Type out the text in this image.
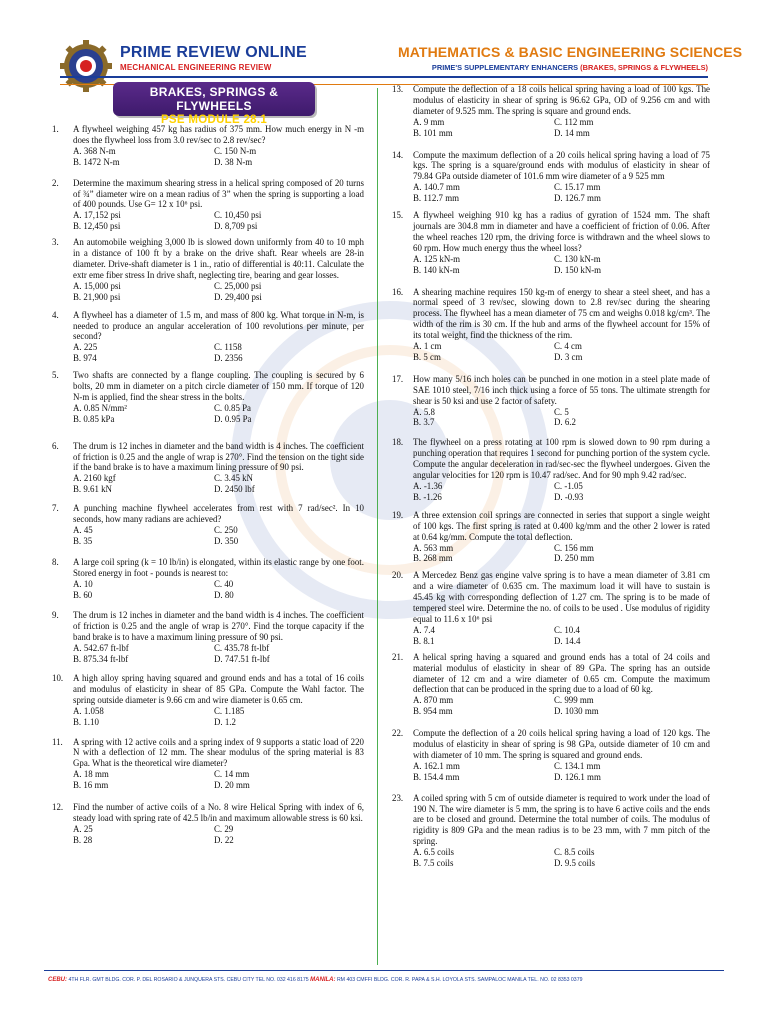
PRIME REVIEW ONLINE
MECHANICAL ENGINEERING REVIEW
MATHEMATICS & BASIC ENGINEERING SCIENCES
PRIME'S SUPPLEMENTARY ENHANCERS (BRAKES, SPRINGS & FLYWHEELS)
BRAKES, SPRINGS & FLYWHEELS
PSE MODULE 28.1
1.	A flywheel weighing 457 kg has radius of 375 mm. How much energy in N -m does the flywheel loss from 3.0 rev/sec to 2.8 rev/sec?
A. 368 N-m	C. 150 N-m
B. 1472 N-m	D. 38 N-m
2.	Determine the maximum shearing stress in a helical spring composed of 20 turns of ¾” diameter wire on a mean radius of 3” when the spring is supporting a load of 400 pounds. Use G= 12 x 10⁶ psi.
A. 17,152 psi	C. 10,450 psi
B. 12,450 psi	D. 8,709 psi
3.	An automobile weighing 3,000 lb is slowed down uniformly from 40 to 10 mph in a distance of 100 ft by a brake on the drive shaft. Rear wheels are 28-in diameter. Drive-shaft diameter is 1 in., ratio of differential is 40:11. Calculate the extr eme fiber stress In drive shaft, neglecting tire, bearing and gear losses.
A. 15,000 psi	C. 25,000 psi
B. 21,900 psi	D. 29,400 psi
4.	A flywheel has a diameter of 1.5 m, and mass of 800 kg. What torque in N-m, is needed to produce an angular acceleration of 100 revolutions per minute, per second?
A. 225	C. 1158
B. 974	D. 2356
5.	Two shafts are connected by a flange coupling. The coupling is secured by 6 bolts, 20 mm in diameter on a pitch circle diameter of 150 mm. If torque of 120 N-m is applied, find the shear stress in the bolts.
A. 0.85 N/mm²	C. 0.85 Pa
B. 0.85 kPa	D. 0.95 Pa
6.	The drum is 12 inches in diameter and the band width is 4 inches. The coefficient of friction is 0.25 and the angle of wrap is 270°. Find the tension on the tight side if the band brake is to have a maximum lining pressure of 90 psi.
A. 2160 kgf	C. 3.45 kN
B. 9.61 kN	D. 2450 lbf
7.	A punching machine flywheel accelerates from rest with 7 rad/sec². In 10 seconds, how many radians are achieved?
A. 45	C. 250
B. 35	D. 350
8.	A large coil spring (k = 10 lb/in) is elongated, within its elastic range by one foot. Stored energy in foot - pounds is nearest to:
A. 10	C. 40
B. 60	D. 80
9.	The drum is 12 inches in diameter and the band width is 4 inches. The coefficient of friction is 0.25 and the angle of wrap is 270°. Find the torque capacity if the band brake is to have a maximum lining pressure of 90 psi.
A. 542.67 ft-lbf	C. 435.78 ft-lbf
B. 875.34 ft-lbf	D. 747.51 ft-lbf
10.	A high alloy spring having squared and ground ends and has a total of 16 coils and modulus of elasticity in shear of 85 GPa. Compute the Wahl factor. The spring outside diameter is 9.66 cm and wire diameter is 0.65 cm.
A. 1.058	C. 1.185
B. 1.10	D. 1.2
11.	A spring with 12 active coils and a spring index of 9 supports a static load of 220 N with a deflection of 12 mm. The shear modulus of the spring material is 83 Gpa. What is the theoretical wire diameter?
A. 18 mm	C. 14 mm
B. 16 mm	D. 20 mm
12.	Find the number of active coils of a No. 8 wire Helical Spring with index of 6, steady load with spring rate of 42.5 lb/in and maximum allowable stress is 60 ksi.
A. 25	C. 29
B. 28	D. 22
13.	Compute the deflection of a 18 coils helical spring having a load of 100 kgs. The modulus of elasticity in shear of spring is 96.62 GPa, OD of 9.256 cm and with diameter of 9.525 mm. The spring is square and ground ends.
A. 9 mm	C. 112 mm
B. 101 mm	D. 14 mm
14.	Compute the maximum deflection of a 20 coils helical spring having a load of 75 kgs. The spring is a square/ground ends with modulus of elasticity in shear of 79.84 GPa outside diameter of 101.6 mm wire diameter of a 9 525 mm
A. 140.7 mm	C. 15.17 mm
B. 112.7 mm	D. 126.7 mm
15.	A flywheel weighing 910 kg has a radius of gyration of 1524 mm. The shaft journals are 304.8 mm in diameter and have a coefficient of friction of 0.06. After the wheel reaches 120 rpm, the driving force is withdrawn and the wheel slows to 60 rpm. How much energy thus the wheel loss?
A. 125 kN-m	C. 130 kN-m
B. 140 kN-m	D. 150 kN-m
16.	A shearing machine requires 150 kg-m of energy to shear a steel sheet, and has a normal speed of 3 rev/sec, slowing down to 2.8 rev/sec during the shearing process. The flywheel has a mean diameter of 75 cm and weighs 0.018 kg/cm³. The width of the rim is 30 cm. If the hub and arms of the flywheel account for 15% of its total weight, find the thickness of the rim.
A. 1 cm	C. 4 cm
B. 5 cm	D. 3 cm
17.	How many 5/16 inch holes can be punched in one motion in a steel plate made of SAE 1010 steel, 7/16 inch thick using a force of 55 tons. The ultimate strength for shear is 50 ksi and use 2 factor of safety.
A. 5.8	C. 5
B. 3.7	D. 6.2
18.	The flywheel on a press rotating at 100 rpm is slowed down to 90 rpm during a punching operation that requires 1 second for punching portion of the system cycle. Compute the angular deceleration in rad/sec-sec the flywheel undergoes. Given the angular velocities for 120 rpm is 10.47 rad/sec. And for 90 mph 9.42 rad/sec.
A. -1.36	C. -1.05
B. -1.26	D. -0.93
19.	A three extension coil springs are connected in series that support a single weight of 100 kgs. The first spring is rated at 0.400 kg/mm and the other 2 lower is rated at 0.64 kg/mm. Compute the total deflection.
A. 563 mm	C. 156 mm
B. 268 mm	D. 250 mm
20.	A Mercedez Benz gas engine valve spring is to have a mean diameter of 3.81 cm and a wire diameter of 0.635 cm. The maximum load it will have to sustain is 45.45 kg with corresponding deflection of 1.27 cm. The spring is to be made of tempered steel wire. Determine the no. of coils to be used . Use modulus of rigidity equal to 11.6 x 10⁶ psi
A. 7.4	C. 10.4
B. 8.1	D. 14.4
21.	A helical spring having a squared and ground ends has a total of 24 coils and material modulus of elasticity in shear of 89 GPa. The spring has an outside diameter of 12 cm and a wire diameter of 0.65 cm. Compute the maximum deflection that can be produced in the spring due to a load of 60 kg.
A. 870 mm	C. 999 mm
B. 954 mm	D. 1030 mm
22.	Compute the deflection of a 20 coils helical spring having a load of 120 kgs. The modulus of elasticity in shear of spring is 98 GPa, outside diameter of 10 cm and with diameter of 10 mm. The spring is squared and ground ends.
A. 162.1 mm	C. 134.1 mm
B. 154.4 mm	D. 126.1 mm
23.	A coiled spring with 5 cm of outside diameter is required to work under the load of 190 N. The wire diameter is 5 mm, the spring is to have 6 active coils and the ends are to be closed and ground. Determine the total number of coils. The modulus of rigidity is 809 GPa and the mean radius is to be 23 mm, with 7 mm pitch of the spring.
A. 6.5 coils	C. 8.5 coils
B. 7.5 coils	D. 9.5 coils
CEBU: 4TH FLR. GMT BLDG. COR. P. DEL ROSARIO & JUNQUERA STS. CEBU CITY TEL NO. 032 416 8175 MANILA: RM 403 CMFFI BLDG. COR. R. PAPA & S.H. LOYOLA STS. SAMPALOC MANILA TEL. NO. 02 8353 0379
